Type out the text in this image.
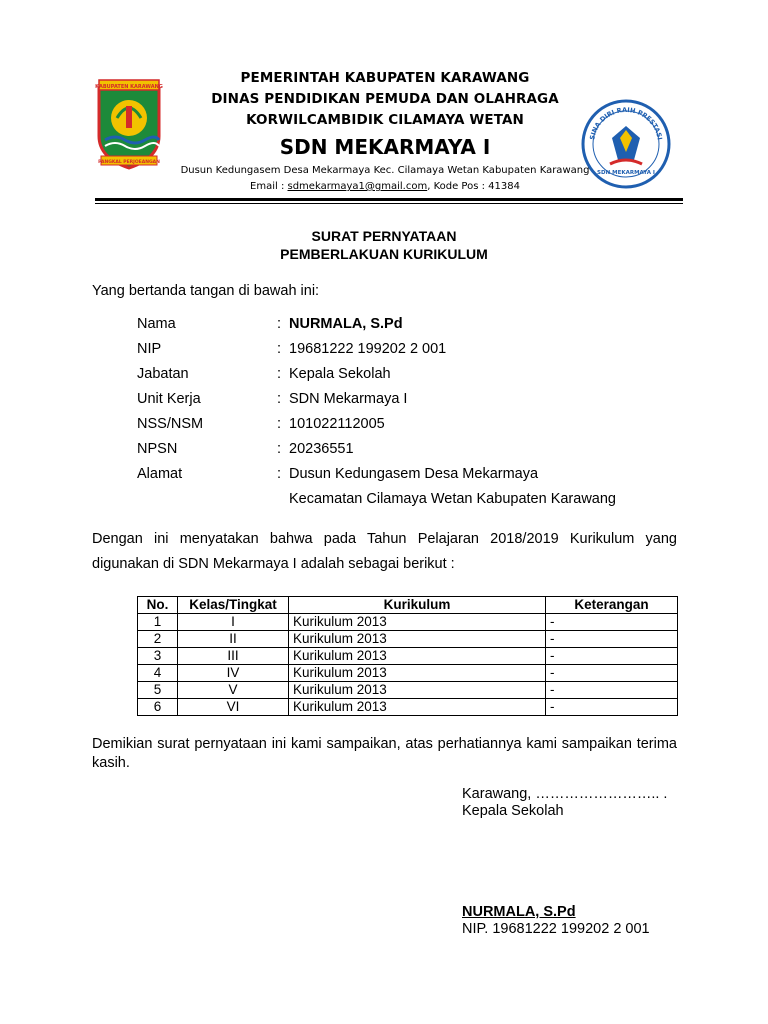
KABUPATEN KARAWANG
PANGKAL PERJOEANGAN
SINA DIRI RAIH PRESTASI
SDN MEKARMAYA I
PEMERINTAH KABUPATEN KARAWANG
DINAS PENDIDIKAN PEMUDA DAN OLAHRAGA
KORWILCAMBIDIK CILAMAYA WETAN
SDN MEKARMAYA I
Dusun Kedungasem Desa Mekarmaya Kec. Cilamaya Wetan Kabupaten Karawang
Email : sdmekarmaya1@gmail.com, Kode Pos : 41384
SURAT PERNYATAAN
PEMBERLAKUAN KURIKULUM
Yang bertanda tangan di bawah ini:
Nama	: NURMALA, S.Pd
NIP	: 19681222 199202 2 001
Jabatan	: Kepala Sekolah
Unit Kerja	: SDN Mekarmaya I
NSS/NSM	: 101022112005
NPSN	: 20236551
Alamat	: Dusun Kedungasem Desa Mekarmaya
Kecamatan Cilamaya Wetan Kabupaten Karawang
Dengan ini menyatakan bahwa pada Tahun Pelajaran 2018/2019 Kurikulum yang digunakan di SDN Mekarmaya I adalah sebagai berikut :
No.	Kelas/Tingkat	Kurikulum	Keterangan
1	I	Kurikulum 2013	-
2	II	Kurikulum 2013	-
3	III	Kurikulum 2013	-
4	IV	Kurikulum 2013	-
5	V	Kurikulum 2013	-
6	VI	Kurikulum 2013	-
Demikian surat pernyataan ini kami sampaikan, atas perhatiannya kami sampaikan terima kasih.
Karawang, …………………….. .
Kepala Sekolah
NURMALA, S.Pd
NIP. 19681222 199202 2 001
